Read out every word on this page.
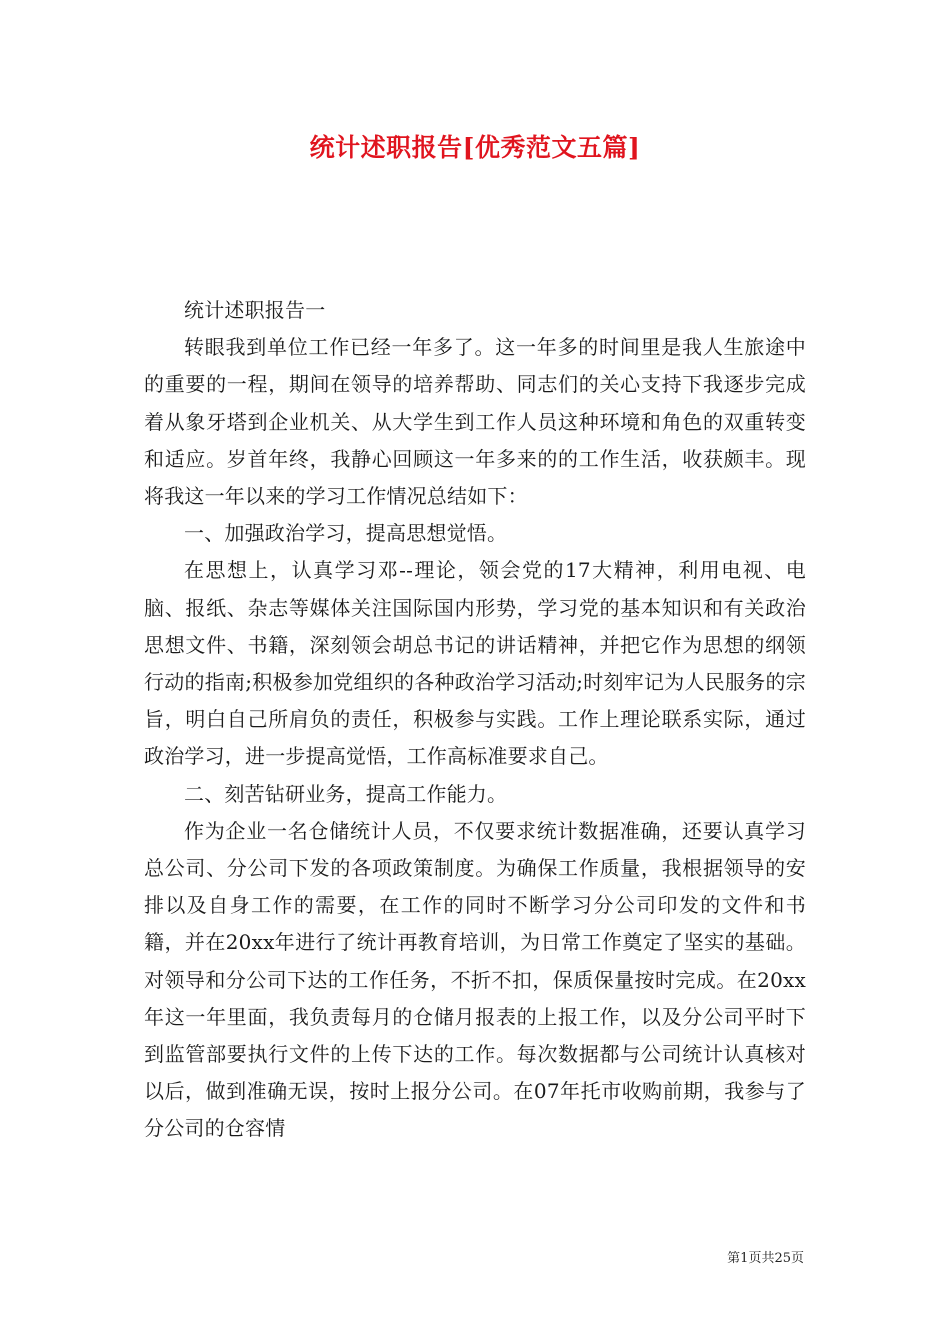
统计述职报告[优秀范文五篇]

统计述职报告一

转眼我到单位工作已经一年多了。这一年多的时间里是我人生旅途中的重要的一程，期间在领导的培养帮助、同志们的关心支持下我逐步完成着从象牙塔到企业机关、从大学生到工作人员这种环境和角色的双重转变和适应。岁首年终，我静心回顾这一年多来的的工作生活，收获颇丰。现将我这一年以来的学习工作情况总结如下：

一、加强政治学习，提高思想觉悟。

在思想上，认真学习邓--理论，领会党的17大精神，利用电视、电脑、报纸、杂志等媒体关注国际国内形势，学习党的基本知识和有关政治思想文件、书籍，深刻领会胡总书记的讲话精神，并把它作为思想的纲领行动的指南;积极参加党组织的各种政治学习活动;时刻牢记为人民服务的宗旨，明白自己所肩负的责任，积极参与实践。工作上理论联系实际，通过政治学习，进一步提高觉悟，工作高标准要求自己。

二、刻苦钻研业务，提高工作能力。

作为企业一名仓储统计人员，不仅要求统计数据准确，还要认真学习总公司、分公司下发的各项政策制度。为确保工作质量，我根据领导的安排以及自身工作的需要，在工作的同时不断学习分公司印发的文件和书籍，并在20xx年进行了统计再教育培训，为日常工作奠定了坚实的基础。对领导和分公司下达的工作任务，不折不扣，保质保量按时完成。在20xx年这一年里面，我负责每月的仓储月报表的上报工作，以及分公司平时下到监管部要执行文件的上传下达的工作。每次数据都与公司统计认真核对以后，做到准确无误，按时上报分公司。在07年托市收购前期，我参与了分公司的仓容情

第1页共25页
